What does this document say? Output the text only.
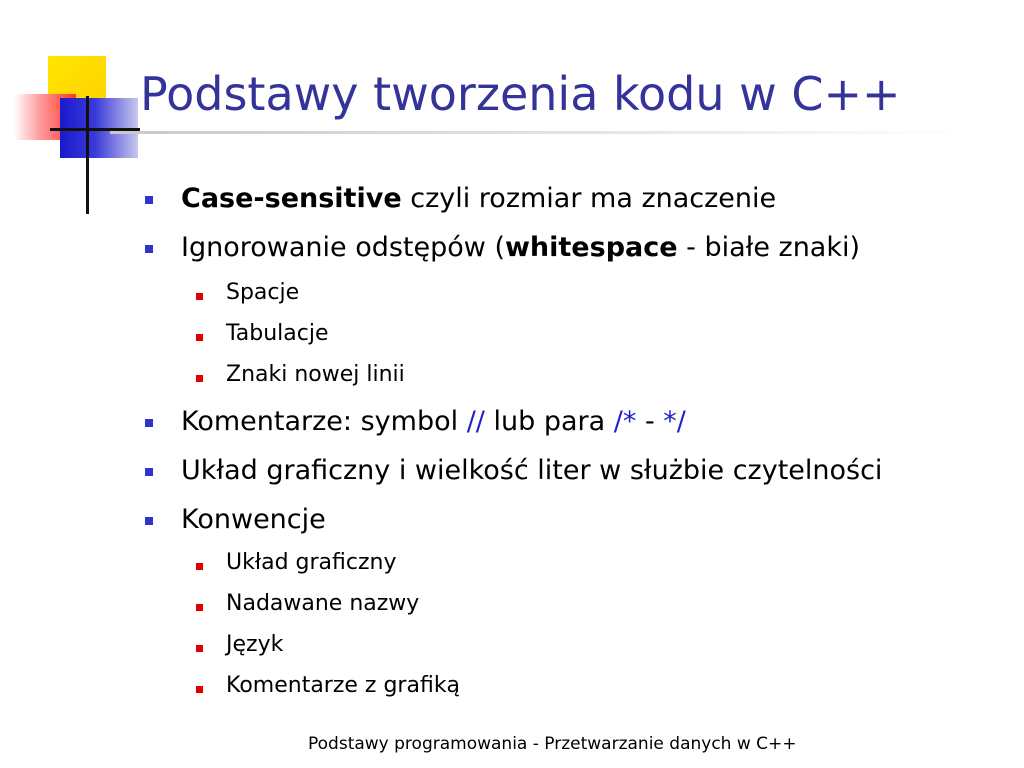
Podstawy tworzenia kodu w C++
Case-sensitive czyli rozmiar ma znaczenie
Ignorowanie odstępów (whitespace - białe znaki)
Spacje
Tabulacje
Znaki nowej linii
Komentarze: symbol // lub para /* - */
Układ graficzny i wielkość liter w służbie czytelności
Konwencje
Układ graficzny
Nadawane nazwy
Język
Komentarze z grafiką
Podstawy programowania - Przetwarzanie danych w C++
